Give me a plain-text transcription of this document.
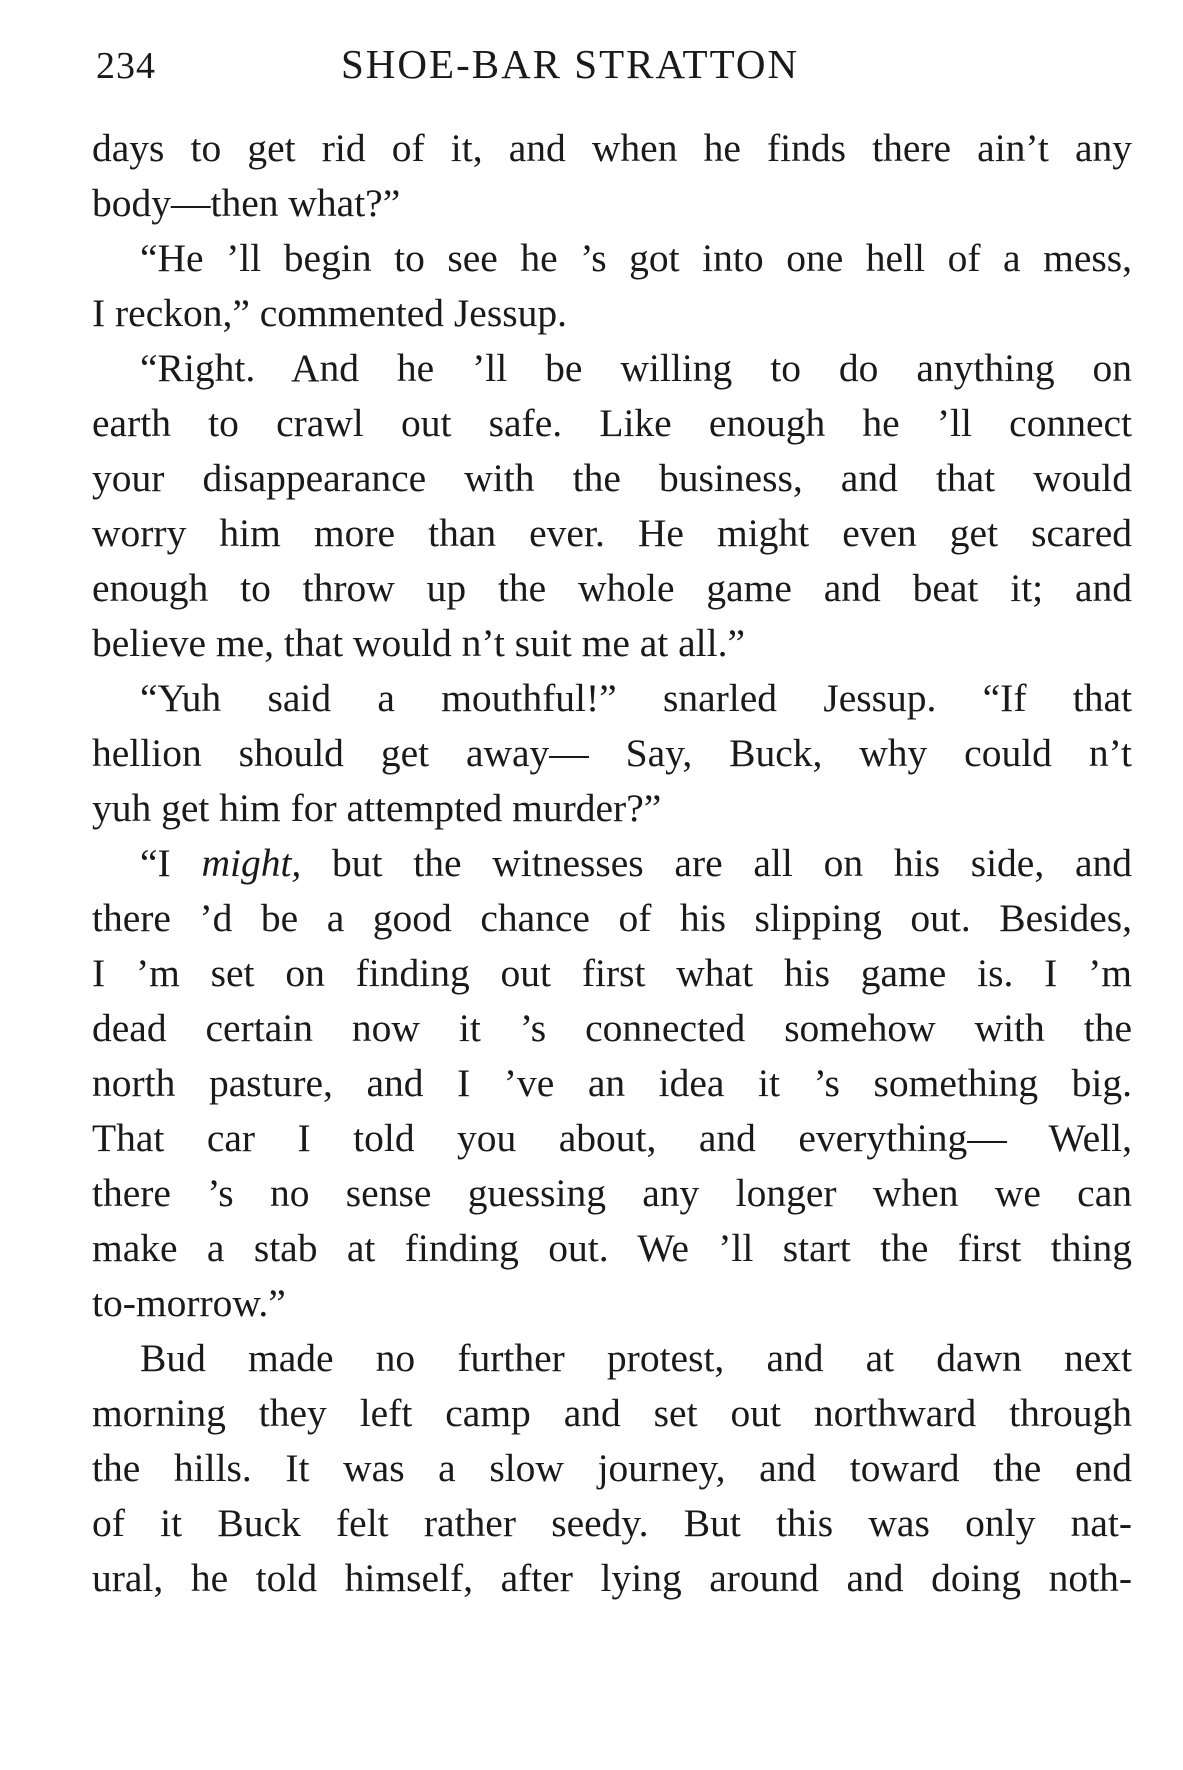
234	SHOE-BAR STRATTON
days to get rid of it, and when he finds there ain’t any
body—then what?”
“He ’ll begin to see he ’s got into one hell of a mess,
I reckon,” commented Jessup.
“Right. And he ’ll be willing to do anything on
earth to crawl out safe. Like enough he ’ll connect
your disappearance with the business, and that would
worry him more than ever. He might even get scared
enough to throw up the whole game and beat it; and
believe me, that would n’t suit me at all.”
“Yuh said a mouthful!” snarled Jessup. “If that
hellion should get away— Say, Buck, why could n’t
yuh get him for attempted murder?”
“I might, but the witnesses are all on his side, and
there ’d be a good chance of his slipping out. Besides,
I ’m set on finding out first what his game is. I ’m
dead certain now it ’s connected somehow with the
north pasture, and I ’ve an idea it ’s something big.
That car I told you about, and everything— Well,
there ’s no sense guessing any longer when we can
make a stab at finding out. We ’ll start the first thing
to-morrow.”
Bud made no further protest, and at dawn next
morning they left camp and set out northward through
the hills. It was a slow journey, and toward the end
of it Buck felt rather seedy. But this was only nat-
ural, he told himself, after lying around and doing noth-
